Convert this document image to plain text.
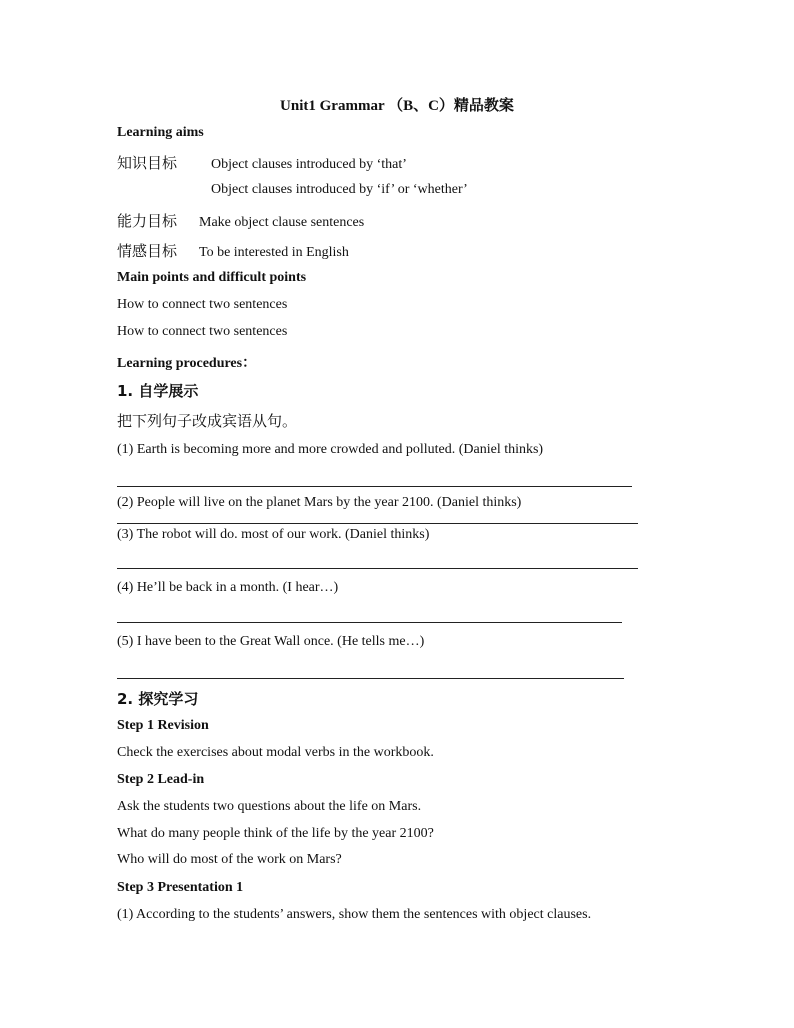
Unit1 Grammar （B、C）精品教案
Learning aims
知识目标 Object clauses introduced by ‘that’
Object clauses introduced by ‘if’ or ‘whether’
能力目标 Make object clause sentences
情感目标 To be interested in English
Main points and difficult points
How to connect two sentences
How to connect two sentences
Learning procedures：
1. 自学展示
把下列句子改成宾语从句。
(1) Earth is becoming more and more crowded and polluted. (Daniel thinks)
(2) People will live on the planet Mars by the year 2100. (Daniel thinks)
(3) The robot will do. most of our work. (Daniel thinks)
(4) He’ll be back in a month. (I hear…)
(5) I have been to the Great Wall once. (He tells me…)
2. 探究学习
Step 1 Revision
Check the exercises about modal verbs in the workbook.
Step 2 Lead-in
Ask the students two questions about the life on Mars.
What do many people think of the life by the year 2100?
Who will do most of the work on Mars?
Step 3 Presentation 1
(1) According to the students’ answers, show them the sentences with object clauses.
